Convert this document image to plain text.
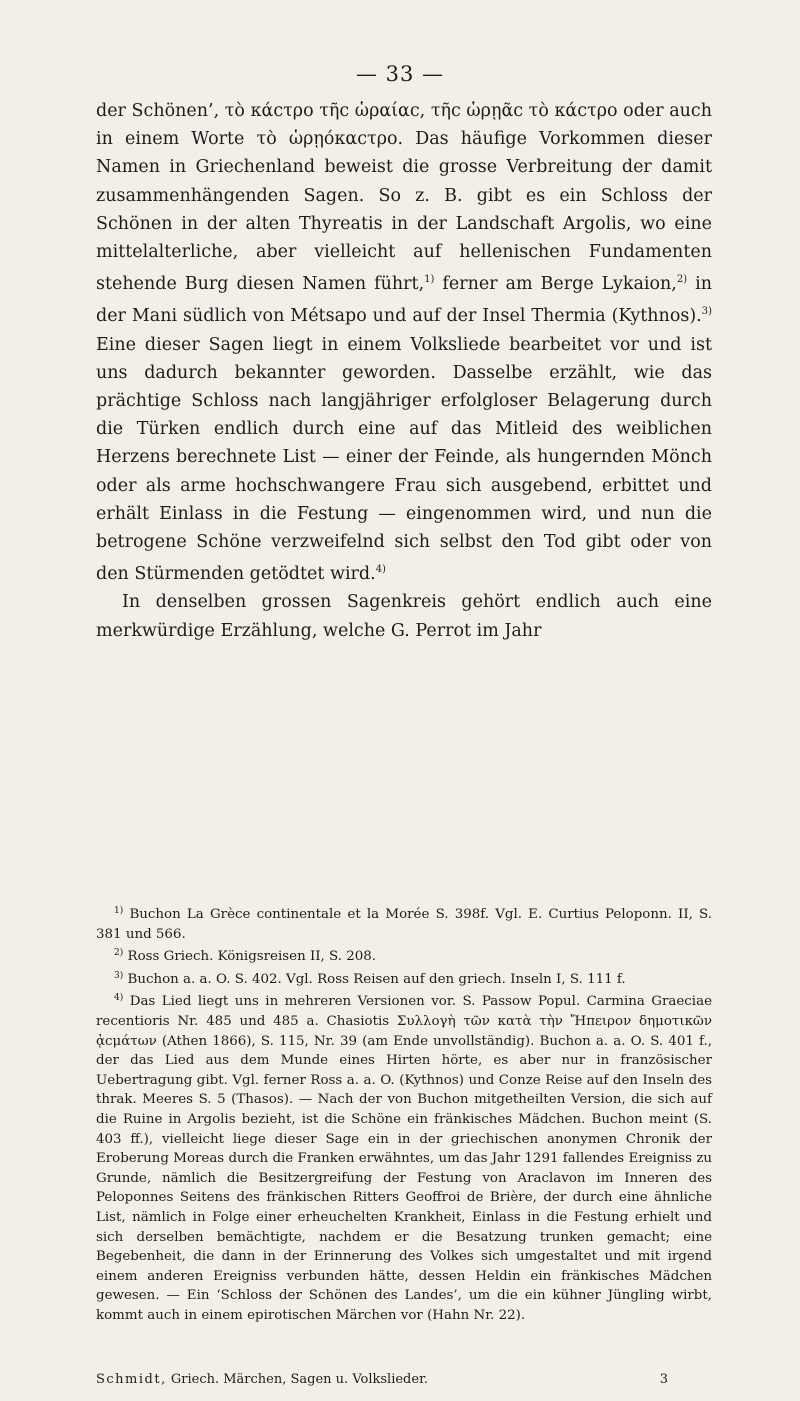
— 33 —

der Schönen’, τὸ κάcτρο τῆc ὡραίαc, τῆc ὡρῃᾶc τὸ κάcτρο oder auch in einem Worte τὸ ὡρῃόκαcτρο. Das häufige Vorkommen dieser Namen in Griechenland beweist die grosse Verbreitung der damit zusammenhängenden Sagen. So z. B. gibt es ein Schloss der Schönen in der alten Thyreatis in der Landschaft Argolis, wo eine mittelalterliche, aber vielleicht auf hellenischen Fundamenten stehende Burg diesen Namen führt,$^{1)}$ ferner am Berge Lykaion,$^{2)}$ in der Mani südlich von Métsapo und auf der Insel Thermia (Kythnos).$^{3)}$ Eine dieser Sagen liegt in einem Volksliede bearbeitet vor und ist uns dadurch bekannter geworden. Dasselbe erzählt, wie das prächtige Schloss nach langjähriger erfolgloser Belagerung durch die Türken endlich durch eine auf das Mitleid des weiblichen Herzens berechnete List — einer der Feinde, als hungernden Mönch oder als arme hochschwangere Frau sich ausgebend, erbittet und erhält Einlass in die Festung — eingenommen wird, und nun die betrogene Schöne verzweifelnd sich selbst den Tod gibt oder von den Stürmenden getödtet wird.$^{4)}$

In denselben grossen Sagenkreis gehört endlich auch eine merkwürdige Erzählung, welche G. Perrot im Jahr

$^{1)}$ Buchon La Grèce continentale et la Morée S. 398f. Vgl. E. Curtius Peloponn. II, S. 381 und 566.

$^{2)}$ Ross Griech. Königsreisen II, S. 208.

$^{3)}$ Buchon a. a. O. S. 402. Vgl. Ross Reisen auf den griech. Inseln I, S. 111 f.

$^{4)}$ Das Lied liegt uns in mehreren Versionen vor. S. Passow Popul. Carmina Graeciae recentioris Nr. 485 und 485 a. Chasiotis Συλλογὴ τῶν κατὰ τὴν Ἤπειρον δημοτικῶν ᾀcμάτων (Athen 1866), S. 115, Nr. 39 (am Ende unvollständig). Buchon a. a. O. S. 401 f., der das Lied aus dem Munde eines Hirten hörte, es aber nur in französischer Uebertragung gibt. Vgl. ferner Ross a. a. O. (Kythnos) und Conze Reise auf den Inseln des thrak. Meeres S. 5 (Thasos). — Nach der von Buchon mitgetheilten Version, die sich auf die Ruine in Argolis bezieht, ist die Schöne ein fränkisches Mädchen. Buchon meint (S. 403 ff.), vielleicht liege dieser Sage ein in der griechischen anonymen Chronik der Eroberung Moreas durch die Franken erwähntes, um das Jahr 1291 fallendes Ereigniss zu Grunde, nämlich die Besitzergreifung der Festung von Araclavon im Inneren des Peloponnes Seitens des fränkischen Ritters Geoffroi de Brière, der durch eine ähnliche List, nämlich in Folge einer erheuchelten Krankheit, Einlass in die Festung erhielt und sich derselben bemächtigte, nachdem er die Besatzung trunken gemacht; eine Begebenheit, die dann in der Erinnerung des Volkes sich umgestaltet und mit irgend einem anderen Ereigniss verbunden hätte, dessen Heldin ein fränkisches Mädchen gewesen. — Ein ‘Schloss der Schönen des Landes’, um die ein kühner Jüngling wirbt, kommt auch in einem epirotischen Märchen vor (Hahn Nr. 22).

Schmidt, Griech. Märchen, Sagen u. Volkslieder.	3
